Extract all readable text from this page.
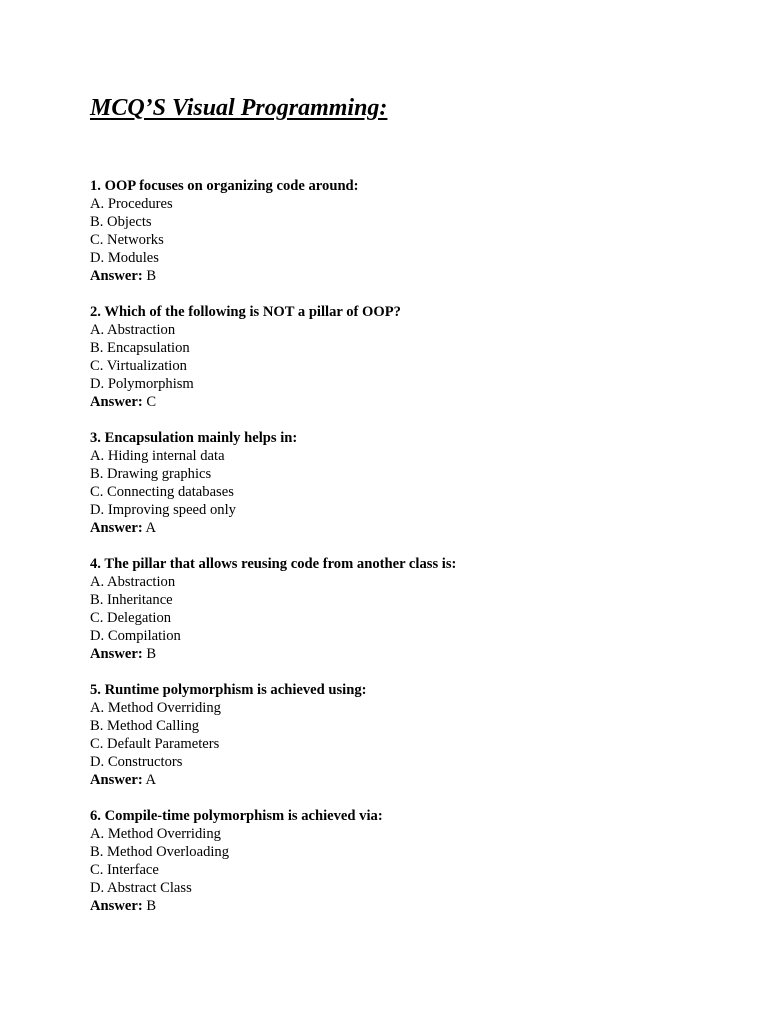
MCQ’S Visual Programming:
1. OOP focuses on organizing code around:
A. Procedures
B. Objects
C. Networks
D. Modules
Answer: B
2. Which of the following is NOT a pillar of OOP?
A. Abstraction
B. Encapsulation
C. Virtualization
D. Polymorphism
Answer: C
3. Encapsulation mainly helps in:
A. Hiding internal data
B. Drawing graphics
C. Connecting databases
D. Improving speed only
Answer: A
4. The pillar that allows reusing code from another class is:
A. Abstraction
B. Inheritance
C. Delegation
D. Compilation
Answer: B
5. Runtime polymorphism is achieved using:
A. Method Overriding
B. Method Calling
C. Default Parameters
D. Constructors
Answer: A
6. Compile-time polymorphism is achieved via:
A. Method Overriding
B. Method Overloading
C. Interface
D. Abstract Class
Answer: B
